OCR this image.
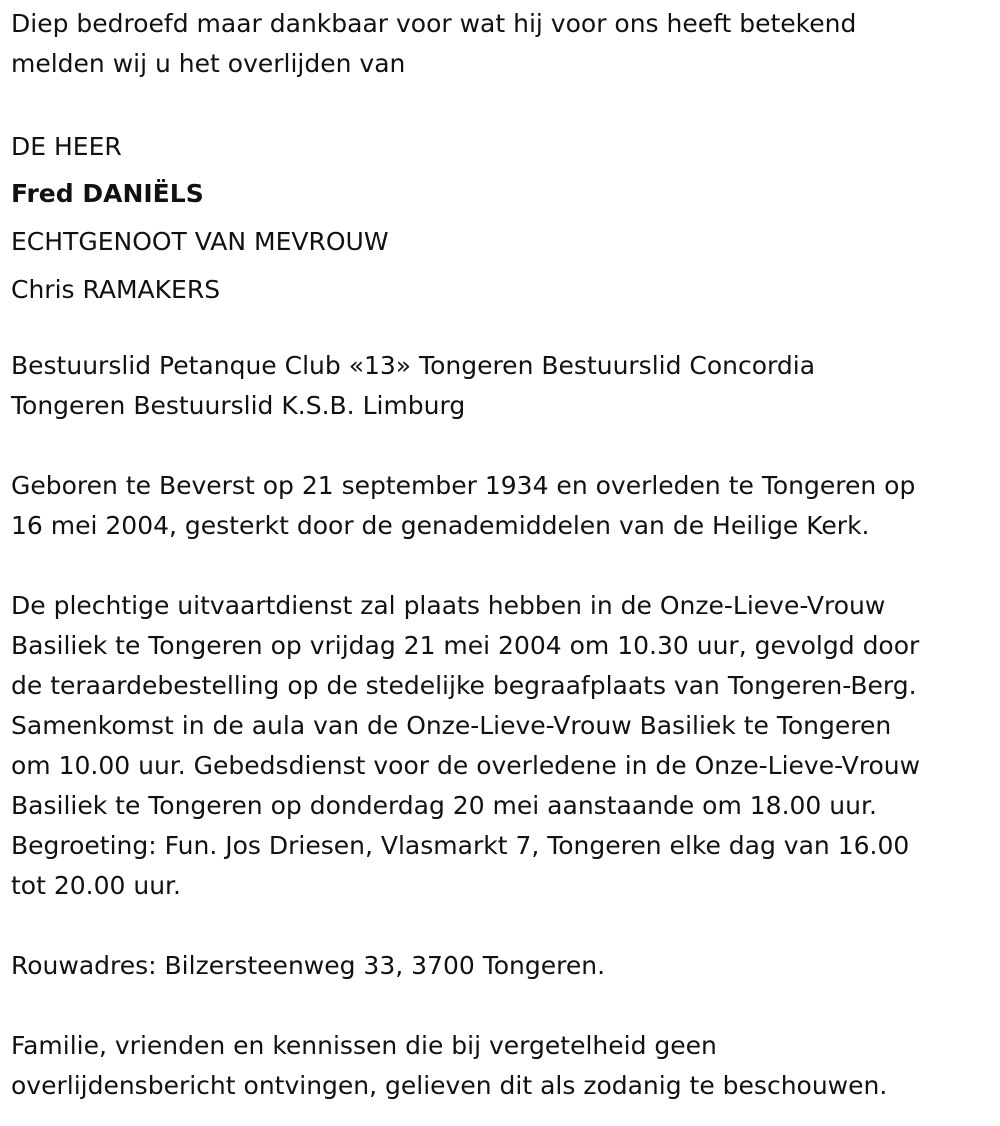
Diep bedroefd maar dankbaar voor wat hij voor ons heeft betekend
melden wij u het overlijden van

DE HEER
Fred DANIËLS
ECHTGENOOT VAN MEVROUW
Chris RAMAKERS

Bestuurslid Petanque Club «13» Tongeren Bestuurslid Concordia
Tongeren Bestuurslid K.S.B. Limburg

Geboren te Beverst op 21 september 1934 en overleden te Tongeren op
16 mei 2004, gesterkt door de genademiddelen van de Heilige Kerk.

De plechtige uitvaartdienst zal plaats hebben in de Onze-Lieve-Vrouw
Basiliek te Tongeren op vrijdag 21 mei 2004 om 10.30 uur, gevolgd door
de teraardebestelling op de stedelijke begraafplaats van Tongeren-Berg.
Samenkomst in de aula van de Onze-Lieve-Vrouw Basiliek te Tongeren
om 10.00 uur. Gebedsdienst voor de overledene in de Onze-Lieve-Vrouw
Basiliek te Tongeren op donderdag 20 mei aanstaande om 18.00 uur.
Begroeting: Fun. Jos Driesen, Vlasmarkt 7, Tongeren elke dag van 16.00
tot 20.00 uur.

Rouwadres: Bilzersteenweg 33, 3700 Tongeren.

Familie, vrienden en kennissen die bij vergetelheid geen
overlijdensbericht ontvingen, gelieven dit als zodanig te beschouwen.
